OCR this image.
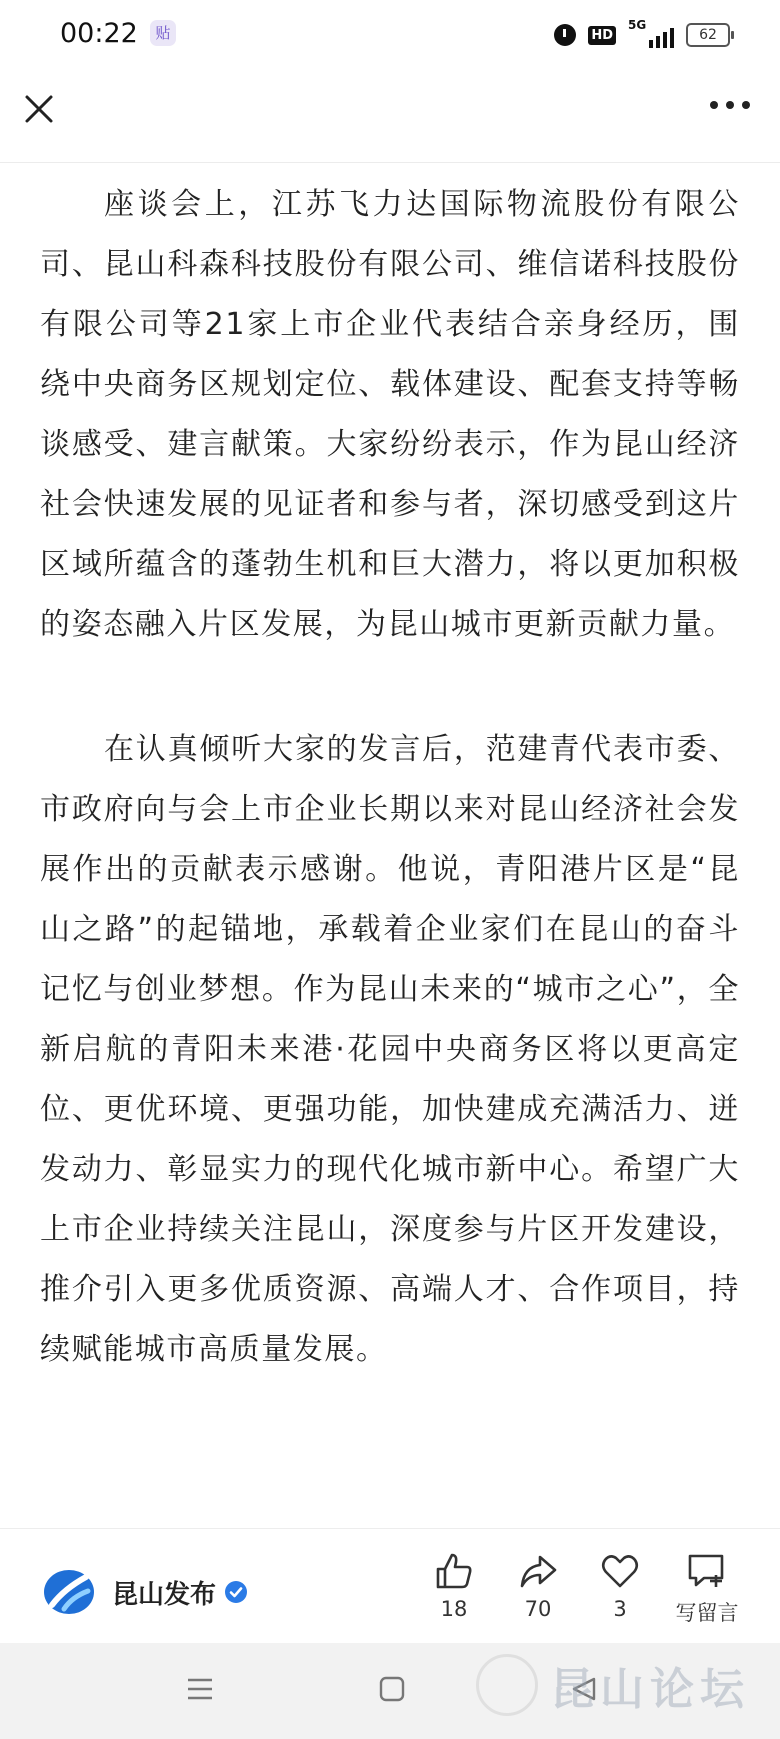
00:22	贴	HD
5G
62

座谈会上，江苏飞力达国际物流股份有限公司、昆山科森科技股份有限公司、维信诺科技股份有限公司等21家上市企业代表结合亲身经历，围绕中央商务区规划定位、载体建设、配套支持等畅谈感受、建言献策。大家纷纷表示，作为昆山经济社会快速发展的见证者和参与者，深切感受到这片区域所蕴含的蓬勃生机和巨大潜力，将以更加积极的姿态融入片区发展，为昆山城市更新贡献力量。

在认真倾听大家的发言后，范建青代表市委、市政府向与会上市企业长期以来对昆山经济社会发展作出的贡献表示感谢。他说，青阳港片区是“昆山之路”的起锚地，承载着企业家们在昆山的奋斗记忆与创业梦想。作为昆山未来的“城市之心”，全新启航的青阳未来港·花园中央商务区将以更高定位、更优环境、更强功能，加快建成充满活力、迸发动力、彰显实力的现代化城市新中心。希望广大上市企业持续关注昆山，深度参与片区开发建设，推介引入更多优质资源、高端人才、合作项目，持续赋能城市高质量发展。

昆山发布	18	70	3	写留言
昆山论坛
